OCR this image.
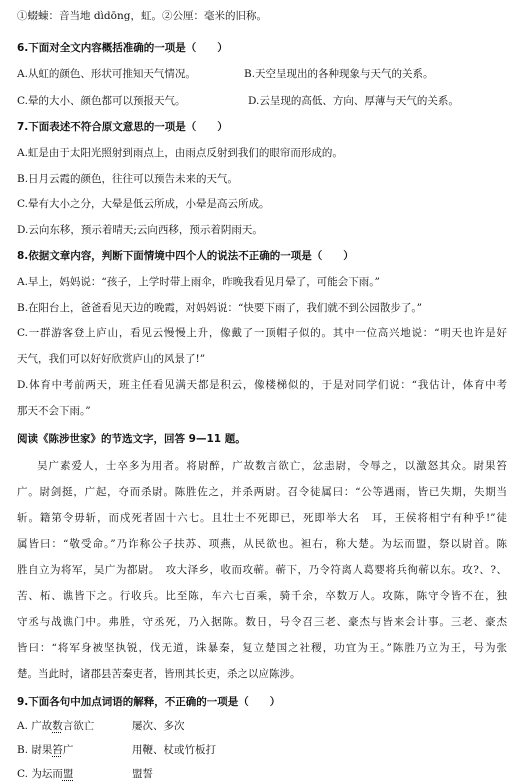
①蝃蝀：音当地 dìdōng，虹。②公厘：毫米的旧称。
6.下面对全文内容概括准确的一项是（　　）
A.从虹的颜色、形状可推知天气情况。	B.天空呈现出的各种现象与天气的关系。
C.晕的大小、颜色都可以预报天气。	D.云呈现的高低、方向、厚薄与天气的关系。
7.下面表述不符合原文意思的一项是（　　）
A.虹是由于太阳光照射到雨点上，由雨点反射到我们的眼帘而形成的。
B.日月云霞的颜色，往往可以预告未来的天气。
C.晕有大小之分，大晕是低云所成，小晕是高云所成。
D.云向东移，预示着晴天;云向西移，预示着阴雨天。
8.依据文章内容，判断下面情境中四个人的说法不正确的一项是（　　）
A.早上，妈妈说：“孩子，上学时带上雨伞，昨晚我看见月晕了，可能会下雨。”
B.在阳台上，爸爸看见天边的晚霞，对妈妈说：“快要下雨了，我们就不到公园散步了。”
C.一群游客登上庐山，看见云慢慢上升，像戴了一顶帽子似的。其中一位高兴地说：“明天也许是好
天气，我们可以好好欣赏庐山的风景了!”
D.体育中考前两天，班主任看见满天都是积云，像楼梯似的，于是对同学们说：“我估计，体育中考
那天不会下雨。”
阅读《陈涉世家》的节选文字，回答 9—11 题。
吴广素爱人，士卒多为用者。将尉醉，广故数言欲亡，忿恚尉，令辱之，以激怒其众。尉果笞
广。尉剑挺，广起，夺而杀尉。陈胜佐之，并杀两尉。召令徒属曰：“公等遇雨，皆已失期，失期当
斩。籍第令毋斩，而戍死者固十六七。且壮士不死即已，死即举大名　耳，王侯将相宁有种乎!”徒
属皆曰：“敬受命。”乃诈称公子扶苏、项燕，从民欲也。袒右，称大楚。为坛而盟，祭以尉首。陈
胜自立为将军，吴广为都尉。　攻大泽乡，收而攻蕲。蕲下，乃令符离人葛婴将兵徇蕲以东。攻?、?、
苦、柘、谯皆下之。行收兵。比至陈，车六七百乘，骑千余，卒数万人。攻陈，陈守令皆不在，独
守丞与战谯门中。弗胜，守丞死，乃入据陈。数日，号令召三老、豪杰与皆来会计事。三老、豪杰
皆曰：“将军身被坚执锐，伐无道，诛暴秦，复立楚国之社稷，功宜为王。”陈胜乃立为王，号为张
楚。当此时，诸郡县苦秦吏者，皆刑其长吏，杀之以应陈涉。
9.下面各句中加点词语的解释，不正确的一项是（　　）
A. 广故数言欲亡	屡次、多次
B. 尉果笞广	用鞭、杖或竹板打
C. 为坛而盟	盟誓
